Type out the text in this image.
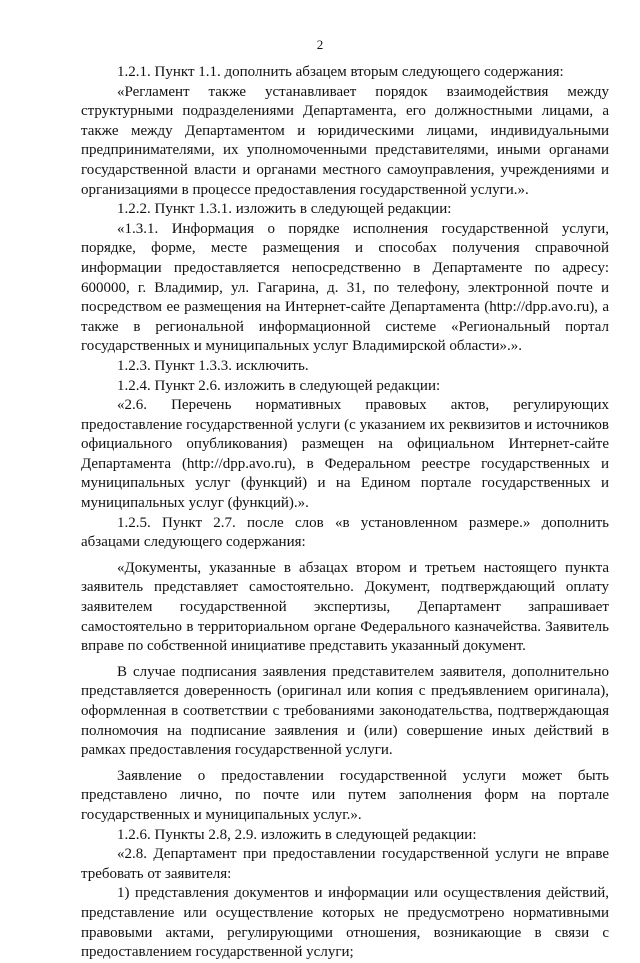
2

1.2.1. Пункт 1.1. дополнить абзацем вторым следующего содержания:

«Регламент также устанавливает порядок взаимодействия между структурными подразделениями Департамента, его должностными лицами, а также между Департаментом и юридическими лицами, индивидуальными предпринимателями, их уполномоченными представителями, иными органами государственной власти и органами местного самоуправления, учреждениями и организациями в процессе предоставления государственной услуги.».

1.2.2. Пункт 1.3.1. изложить в следующей редакции:

«1.3.1. Информация о порядке исполнения государственной услуги, порядке, форме, месте размещения и способах получения справочной информации предоставляется непосредственно в Департаменте по адресу: 600000, г. Владимир, ул. Гагарина, д. 31, по телефону, электронной почте и посредством ее размещения на Интернет-сайте Департамента (http://dpp.avo.ru), а также в региональной информационной системе «Региональный портал государственных и муниципальных услуг Владимирской области».».

1.2.3. Пункт 1.3.3. исключить.

1.2.4. Пункт 2.6. изложить в следующей редакции:

«2.6. Перечень нормативных правовых актов, регулирующих предоставление государственной услуги (с указанием их реквизитов и источников официального опубликования) размещен на официальном Интернет-сайте Департамента (http://dpp.avo.ru), в Федеральном реестре государственных и муниципальных услуг (функций) и на Едином портале государственных и муниципальных услуг (функций).».

1.2.5. Пункт 2.7. после слов «в установленном размере.» дополнить абзацами следующего содержания:

«Документы, указанные в абзацах втором и третьем настоящего пункта заявитель представляет самостоятельно. Документ, подтверждающий оплату заявителем государственной экспертизы, Департамент запрашивает самостоятельно в территориальном органе Федерального казначейства. Заявитель вправе по собственной инициативе представить указанный документ.

В случае подписания заявления представителем заявителя, дополнительно представляется доверенность (оригинал или копия с предъявлением оригинала), оформленная в соответствии с требованиями законодательства, подтверждающая полномочия на подписание заявления и (или) совершение иных действий в рамках предоставления государственной услуги.

Заявление о предоставлении государственной услуги может быть представлено лично, по почте или путем заполнения форм на портале государственных и муниципальных услуг.».

1.2.6. Пункты 2.8, 2.9. изложить в следующей редакции:

«2.8. Департамент при предоставлении государственной услуги не вправе требовать от заявителя:

1) представления документов и информации или осуществления действий, представление или осуществление которых не предусмотрено нормативными правовыми актами, регулирующими отношения, возникающие в связи с предоставлением государственной услуги;
